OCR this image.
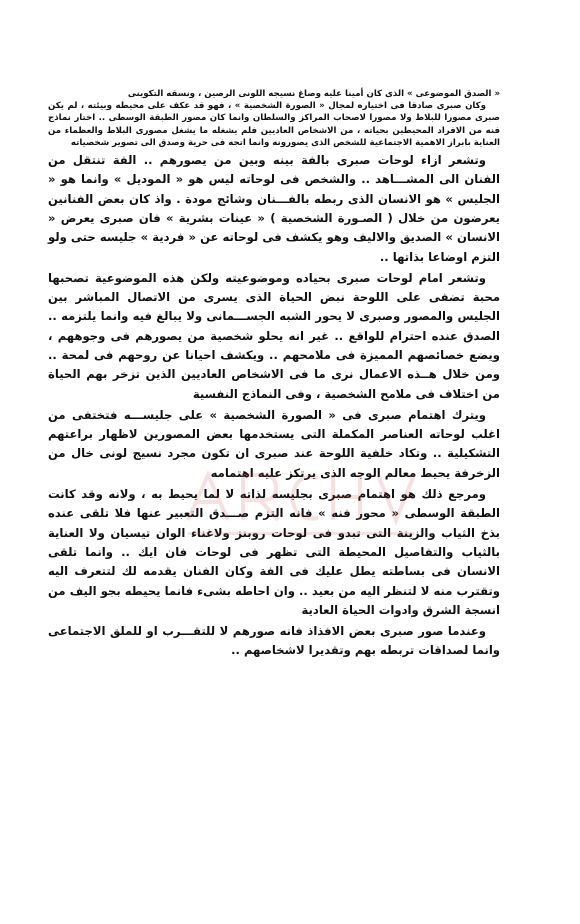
« الصدق الموضوعى » الذى كان أمينا عليه وصاغ نسيجه اللونى الرصين ، ونسقه التكوينى

وكان صبرى صادقا فى اختياره لمجال « الصورة الشخصية » ، فهو قد عكف على محيطه وبيئته ، لم يكن صبرى مصورا للبلاط ولا مصورا لاصحاب المراكز والسلطان وانما كان مصور الطبقة الوسطى .. اختار نماذج فنه من الافراد المحيطين بحياته ، من الاشخاص العاديين فلم يشغله ما يشغل مصورى البلاط والعظماء من العناية بابراز الاهمية الاجتماعية للشخص الذى يصورونه وانما اتجه فى حرية وصدق الى تصوير شخصياته

وتشعر ازاء لوحات صبرى بالفة بينه وبين من يصورهم .. الفة تنتقل من الفنان الى المشـــاهد .. والشخص فى لوحاته ليس هو « الموديل » وانما هو « الجليس » هو الانسان الذى ربطه بالفـــنان وشائج مودة . واذ كان بعض الفنانين يعرضون من خلال ( الصـورة الشخصية ) « عينات بشرية » فان صبرى يعرض « الانسان » الصديق والاليف وهو يكشف فى لوحاته عن « فردية » جليسه حتى ولو التزم اوضاعا بذاتها ..

وتشعر امام لوحات صبرى بحياده وموضوعيته ولكن هذه الموضوعية تصحبها محبة تضفى على اللوحة نبض الحياة الذى يسرى من الاتصال المباشر بين الجليس والمصور وصبرى لا يحور الشبه الجســـمانى ولا يبالغ فيه وانما يلتزمه .. الصدق عنده احترام للواقع .. غير انه يحلو شخصية من يصورهم فى وجوههم ، ويضع خصائصهم المميزة فى ملامحهم .. ويكشف احيانا عن روحهم فى لمحة .. ومن خلال هــذه الاعمال نرى ما فى الاشخاص العاديين الذين تزخر بهم الحياة من اختلاف فى ملامح الشخصية ، وفى النماذج النفسية

ويترك اهتمام صبرى فى « الصورة الشخصية » على جليســـه فتختفى من اغلب لوحاته العناصر المكملة التى يستخدمها بعض المصورين لاظهار براعتهم التشكيلية .. وتكاد خلفية اللوحة عند صبرى ان تكون مجرد نسيج لونى خال من الزخرفة يحيط معالم الوجه الذى يرتكز عليه اهتمامه

ومرجع ذلك هو اهتمام صبرى بجليسه لذاته لا لما يحيط به ، ولانه وقد كانت الطبقة الوسطى « محور فنه » فانه التزم صـــدق التعبير عنها فلا تلقى عنده بذخ الثياب والزينة التى تبدو فى لوحات روبنز ولاغناء الوان تيسيان ولا العناية بالثياب والتفاصيل المحيطة التى تظهر فى لوحات فان ايك .. وانما تلقى الانسان فى بساطته يطل عليك فى الفة وكان الفنان يقدمه لك لتتعرف اليه وتقترب منه لا لتنظر اليه من بعيد .. وان احاطه بشىء فانما يحيطه بجو اليف من انسجة الشرق وادوات الحياة العادية

وعندما صور صبرى بعض الافذاذ فانه صورهم لا للتقـــرب او للملق الاجتماعى وانما لصداقات تربطه بهم وتقديرا لاشخاصهم ..
